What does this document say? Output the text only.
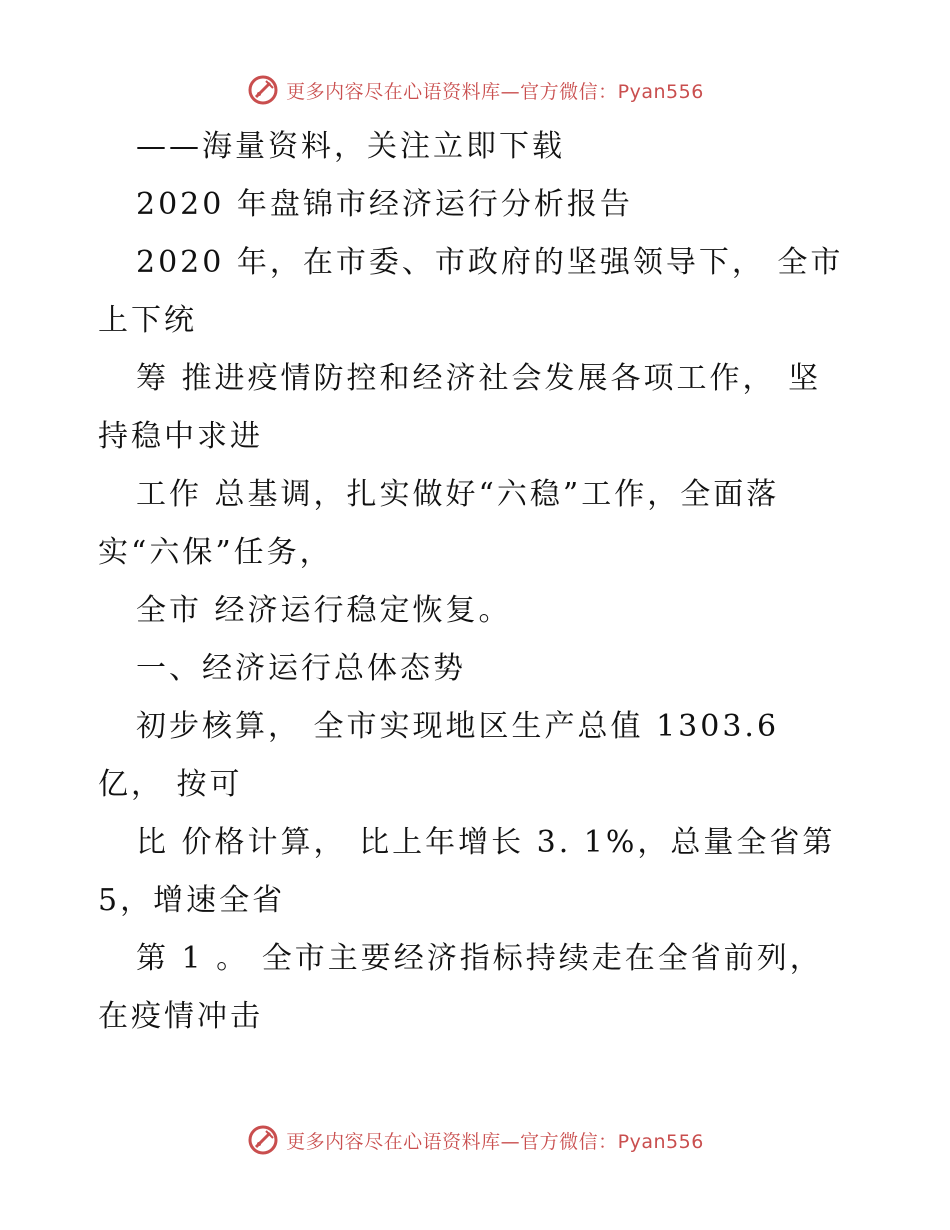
更多内容尽在心语资料库—官方微信：Pyan556
——海量资料，关注立即下载
2020 年盘锦市经济运行分析报告
2020 年，在市委、市政府的坚强领导下， 全市
上下统
筹 推进疫情防控和经济社会发展各项工作， 坚
持稳中求进
工作 总基调，扎实做好“六稳”工作，全面落
实“六保”任务，
全市 经济运行稳定恢复。
一、经济运行总体态势
初步核算， 全市实现地区生产总值 1303.6
亿， 按可
比 价格计算， 比上年增长 3. 1%，总量全省第
5，增速全省
第 1 。 全市主要经济指标持续走在全省前列，
在疫情冲击
更多内容尽在心语资料库—官方微信：Pyan556
